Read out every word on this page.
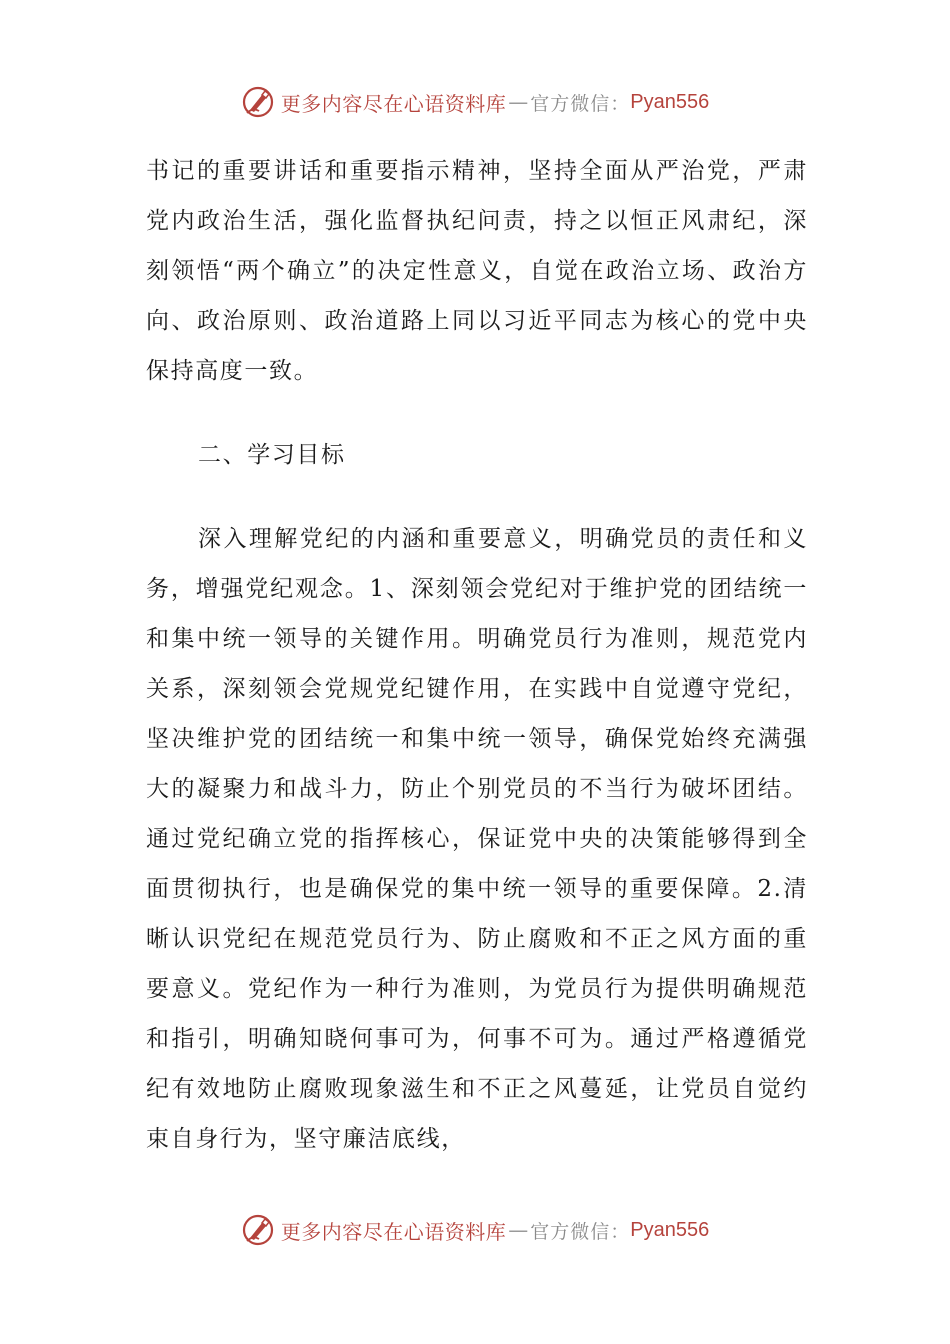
更多内容尽在心语资料库 — 官方微信： Pyan556

书记的重要讲话和重要指示精神，坚持全面从严治党，严肃党内政治生活，强化监督执纪问责，持之以恒正风肃纪，深刻领悟“两个确立”的决定性意义，自觉在政治立场、政治方向、政治原则、政治道路上同以习近平同志为核心的党中央保持高度一致。

二、学习目标

深入理解党纪的内涵和重要意义，明确党员的责任和义务，增强党纪观念。1、深刻领会党纪对于维护党的团结统一和集中统一领导的关键作用。明确党员行为准则，规范党内关系，深刻领会党规党纪键作用，在实践中自觉遵守党纪，坚决维护党的团结统一和集中统一领导，确保党始终充满强大的凝聚力和战斗力，防止个别党员的不当行为破坏团结。通过党纪确立党的指挥核心，保证党中央的决策能够得到全面贯彻执行，也是确保党的集中统一领导的重要保障。2.清晰认识党纪在规范党员行为、防止腐败和不正之风方面的重要意义。党纪作为一种行为准则，为党员行为提供明确规范和指引，明确知晓何事可为，何事不可为。通过严格遵循党纪有效地防止腐败现象滋生和不正之风蔓延，让党员自觉约束自身行为，坚守廉洁底线，

更多内容尽在心语资料库 — 官方微信： Pyan556
